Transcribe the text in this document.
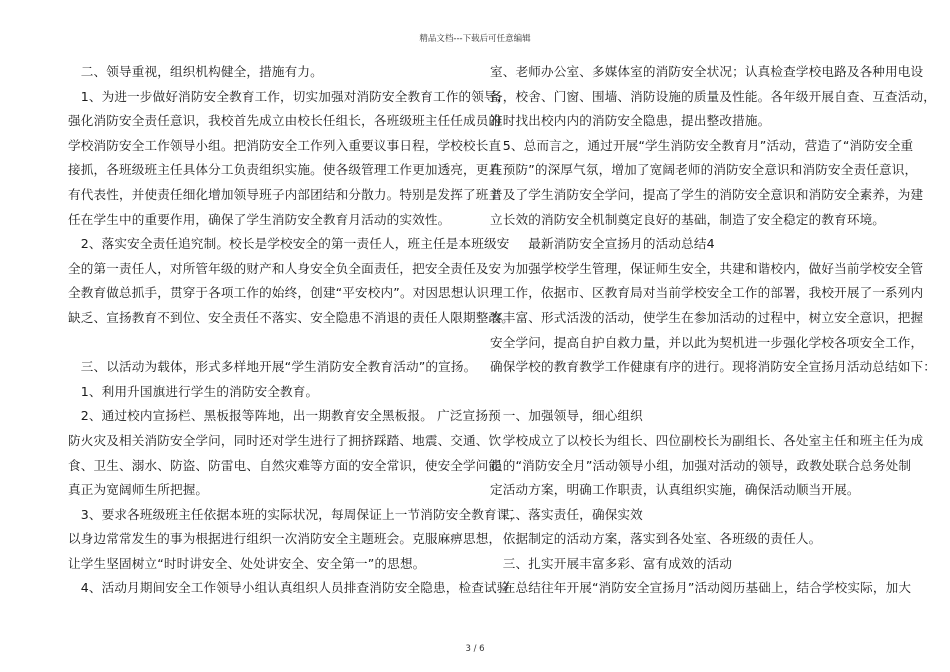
精品文档---下载后可任意编辑
　二、领导重视，组织机构健全，措施有力。
　1、为进一步做好消防安全教育工作，切实加强对消防安全教育工作的领导，
强化消防安全责任意识，我校首先成立由校长任组长，各班级班主任任成员的
学校消防安全工作领导小组。把消防安全工作列入重要议事日程，学校校长直
接抓，各班级班主任具体分工负责组织实施。使各级管理工作更加透亮，更具
有代表性，并使责任细化增加领导班子内部团结和分散力。特别是发挥了班主
任在学生中的重要作用，确保了学生消防安全教育月活动的实效性。
　2、落实安全责任追究制。校长是学校安全的第一责任人，班主任是本班级安
全的第一责任人，对所管年级的财产和人身安全负全面责任，把安全责任及安
全教育做总抓手，贯穿于各项工作的始终，创建“平安校内”。对因思想认识
缺乏、宣扬教育不到位、安全责任不落实、安全隐患不消退的责任人限期整改。
　三、以活动为载体，形式多样地开展“学生消防安全教育活动”的宣扬。
　1、利用升国旗进行学生的消防安全教育。
　2、通过校内宣扬栏、黑板报等阵地，出一期教育安全黑板报。 广泛宣扬预
防火灾及相关消防安全学问，同时还对学生进行了拥挤踩踏、地震、交通、饮
食、卫生、溺水、防盗、防雷电、自然灾难等方面的安全常识，使安全学问能
真正为宽阔师生所把握。
　3、要求各班级班主任依据本班的实际状况，每周保证上一节消防安全教育课，
以身边常常发生的事为根据进行组织一次消防安全主题班会。克服麻痹思想，
让学生坚固树立“时时讲安全、处处讲安全、安全第一”的思想。
　4、活动月期间安全工作领导小组认真组织人员排查消防安全隐患，检查试验
室、老师办公室、多媒体室的消防安全状况；认真检查学校电路及各种用电设
备，校舍、门窗、围墙、消防设施的质量及性能。各年级开展自查、互查活动，
准时找出校内内的消防安全隐患，提出整改措施。
　5、总而言之，通过开展“学生消防安全教育月”活动，营造了“消防安全重
在预防”的深厚气氛，增加了宽阔老师的消防安全意识和消防安全责任意识，
普及了学生消防安全学问，提高了学生的消防安全意识和消防安全素养，为建
立长效的消防安全机制奠定良好的基础，制造了安全稳定的教育环境。
　　　最新消防安全宣扬月的活动总结4
　为加强学校学生管理，保证师生安全，共建和谐校内，做好当前学校安全管
理工作，依据市、区教育局对当前学校安全工作的部署，我校开展了一系列内
容丰富、形式活泼的活动，使学生在参加活动的过程中，树立安全意识，把握
安全学问，提高自护自救力量，并以此为契机进一步强化学校各项安全工作，
确保学校的教育教学工作健康有序的进行。现将消防安全宣扬月活动总结如下：
　一、加强领导，细心组织
　学校成立了以校长为组长、四位副校长为副组长、各处室主任和班主任为成
员的“消防安全月”活动领导小组，加强对活动的领导，政教处联合总务处制
定活动方案，明确工作职责，认真组织实施，确保活动顺当开展。
　二、落实责任，确保实效
　依据制定的活动方案，落实到各处室、各班级的责任人。
　三、扎实开展丰富多彩、富有成效的活动
　在总结往年开展“消防安全宣扬月”活动阅历基础上，结合学校实际，加大
3 / 6
